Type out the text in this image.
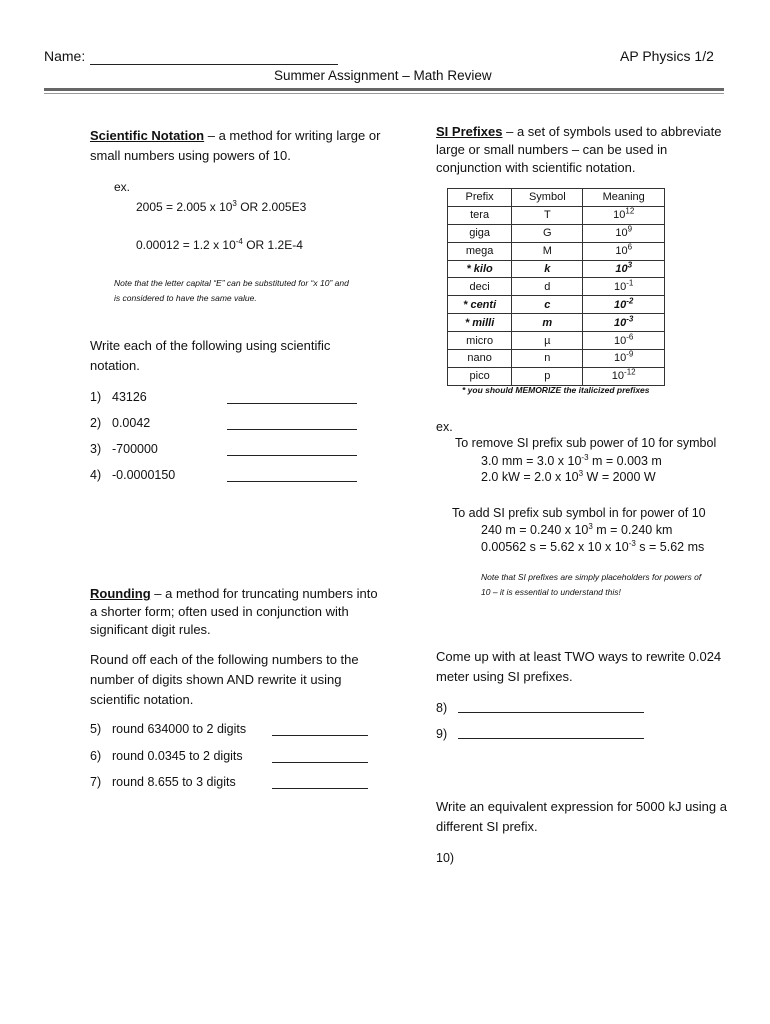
Name:	AP Physics 1/2
Summer Assignment – Math Review
Scientific Notation – a method for writing large or
small numbers using powers of 10.
ex.
2005 = 2.005 x $10^3$ OR 2.005E3
0.00012 = 1.2 x $10^{-4}$ OR 1.2E-4
Note that the letter capital “E” can be substituted for “x 10” and
is considered to have the same value.
Write each of the following using scientific
notation.
1) 43126
2) 0.0042
3) -700000
4) -0.0000150
SI Prefixes – a set of symbols used to abbreviate
large or small numbers – can be used in
conjunction with scientific notation.
Prefix	Symbol	Meaning
tera	T	$10^{12}$
giga	G	$10^9$
mega	M	$10^6$
* kilo	k	$10^3$
deci	d	$10^{-1}$
* centi	c	$10^{-2}$
* milli	m	$10^{-3}$
micro	µ	$10^{-6}$
nano	n	$10^{-9}$
pico	p	$10^{-12}$
* you should MEMORIZE the italicized prefixes
ex.
To remove SI prefix sub power of 10 for symbol
3.0 mm = 3.0 x $10^{-3}$ m = 0.003 m
2.0 kW = 2.0 x $10^3$ W = 2000 W
To add SI prefix sub symbol in for power of 10
240 m = 0.240 x $10^3$ m = 0.240 km
0.00562 s = 5.62 x 10 x $10^{-3}$ s = 5.62 ms
Note that SI prefixes are simply placeholders for powers of
10 – it is essential to understand this!
Rounding – a method for truncating numbers into
a shorter form; often used in conjunction with
significant digit rules.
Round off each of the following numbers to the
number of digits shown AND rewrite it using
scientific notation.
5) round 634000 to 2 digits
6) round 0.0345 to 2 digits
7) round 8.655 to 3 digits
Come up with at least TWO ways to rewrite 0.024
meter using SI prefixes.
8)
9)
Write an equivalent expression for 5000 kJ using a
different SI prefix.
10)
